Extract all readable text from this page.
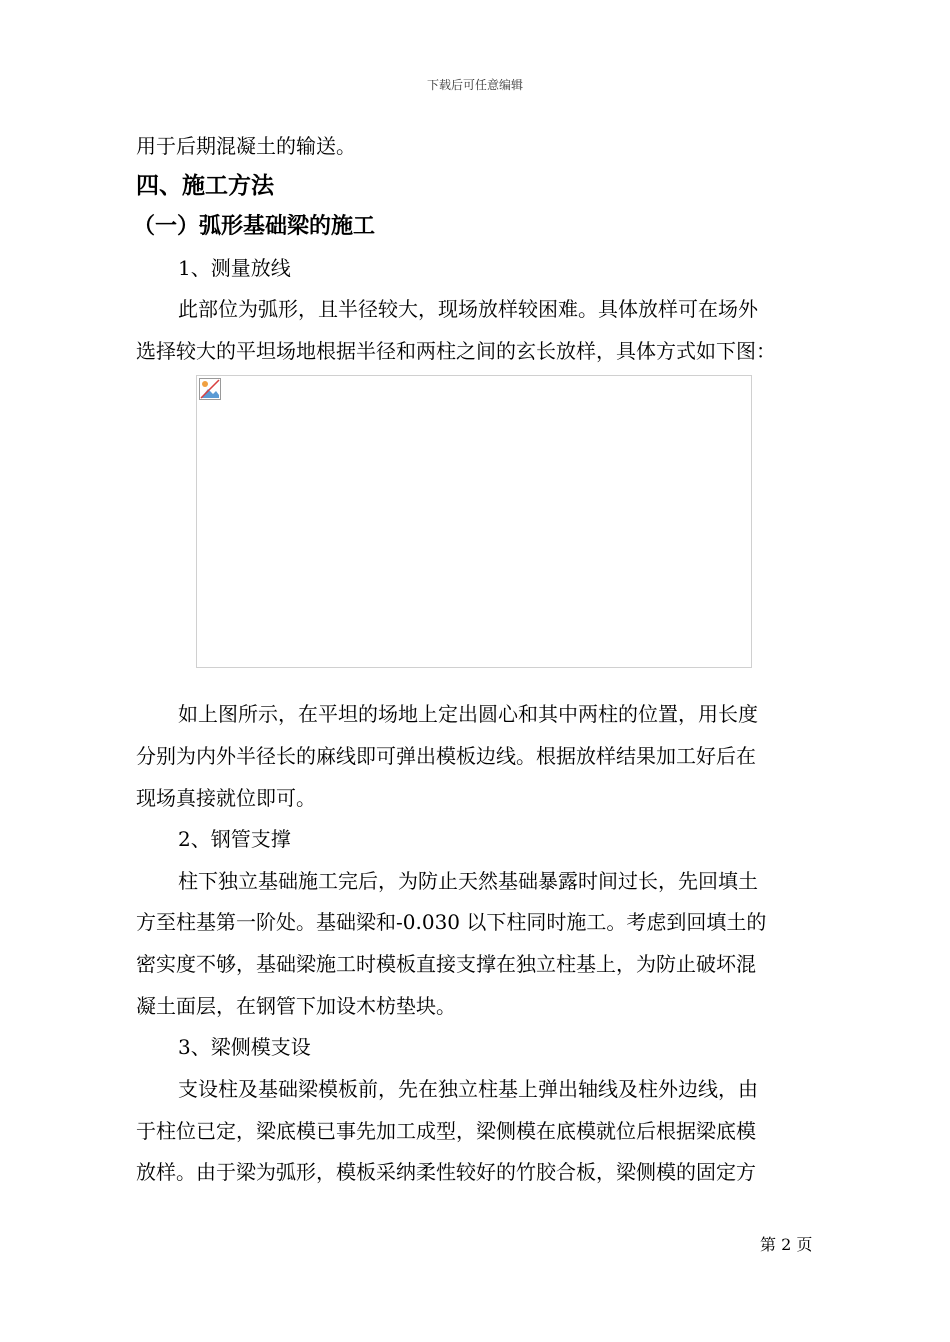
下载后可任意编辑
用于后期混凝土的输送。
四、施工方法
（一）弧形基础梁的施工
1、测量放线
此部位为弧形，且半径较大，现场放样较困难。具体放样可在场外
选择较大的平坦场地根据半径和两柱之间的玄长放样，具体方式如下图：
如上图所示，在平坦的场地上定出圆心和其中两柱的位置，用长度
分别为内外半径长的麻线即可弹出模板边线。根据放样结果加工好后在
现场真接就位即可。
2、钢管支撑
柱下独立基础施工完后，为防止天然基础暴露时间过长，先回填土
方至柱基第一阶处。基础梁和-0.030 以下柱同时施工。考虑到回填土的
密实度不够，基础梁施工时模板直接支撑在独立柱基上，为防止破坏混
凝土面层，在钢管下加设木枋垫块。
3、梁侧模支设
支设柱及基础梁模板前，先在独立柱基上弹出轴线及柱外边线，由
于柱位已定，梁底模已事先加工成型，梁侧模在底模就位后根据梁底模
放样。由于梁为弧形，模板采纳柔性较好的竹胶合板，梁侧模的固定方
第 2 页
